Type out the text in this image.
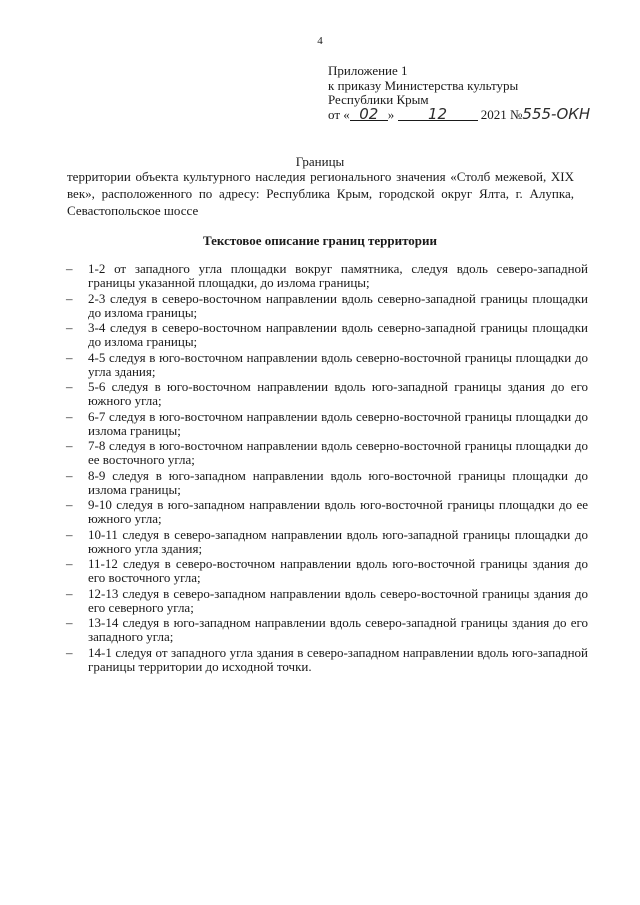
4
Приложение 1
к приказу Министерства культуры
Республики Крым
от « 02 » 12	2021 №555-ОКН
Границы
территории объекта культурного наследия регионального значения «Столб межевой, XIX век», расположенного по адресу: Республика Крым, городской округ Ялта, г. Алупка, Севастопольское шоссе
Текстовое описание границ территории
– 1-2 от западного угла площадки вокруг памятника, следуя вдоль северо-западной границы указанной площадки, до излома границы;
– 2-3 следуя в северо-восточном направлении вдоль северно-западной границы площадки до излома границы;
– 3-4 следуя в северо-восточном направлении вдоль северно-западной границы площадки до излома границы;
– 4-5 следуя в юго-восточном направлении вдоль северно-восточной границы площадки до угла здания;
– 5-6 следуя в юго-восточном направлении вдоль юго-западной границы здания до его южного угла;
– 6-7 следуя в юго-восточном направлении вдоль северно-восточной границы площадки до излома границы;
– 7-8 следуя в юго-восточном направлении вдоль северно-восточной границы площадки до ее восточного угла;
– 8-9 следуя в юго-западном направлении вдоль юго-восточной границы площадки до излома границы;
– 9-10 следуя в юго-западном направлении вдоль юго-восточной границы площадки до ее южного угла;
– 10-11 следуя в северо-западном направлении вдоль юго-западной границы площадки до южного угла здания;
– 11-12 следуя в северо-восточном направлении вдоль юго-восточной границы здания до его восточного угла;
– 12-13 следуя в северо-западном направлении вдоль северо-восточной границы здания до его северного угла;
– 13-14 следуя в юго-западном направлении вдоль северо-западной границы здания до его западного угла;
– 14-1 следуя от западного угла здания в северо-западном направлении вдоль юго-западной границы территории до исходной точки.
